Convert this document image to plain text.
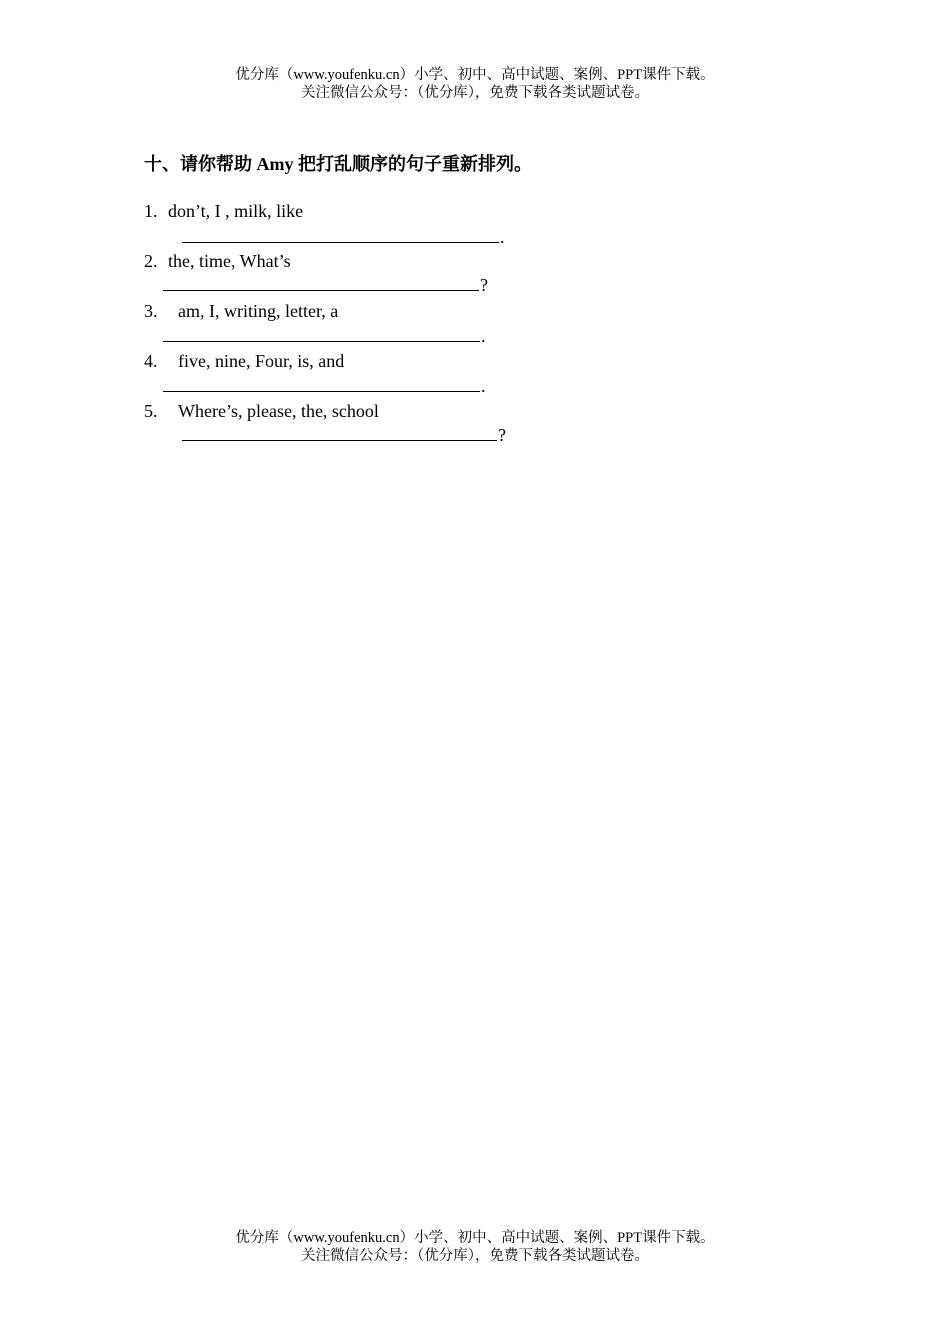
优分库（www.youfenku.cn）小学、初中、高中试题、案例、PPT课件下载。
关注微信公众号：（优分库），免费下载各类试题试卷。
十、请你帮助 Amy 把打乱顺序的句子重新排列。
1. don’t, I , milk, like
.
2. the, time, What’s
?
3. am, I, writing, letter, a
.
4. five, nine, Four, is, and
.
5. Where’s, please, the, school
?
优分库（www.youfenku.cn）小学、初中、高中试题、案例、PPT课件下载。
关注微信公众号：（优分库），免费下载各类试题试卷。
